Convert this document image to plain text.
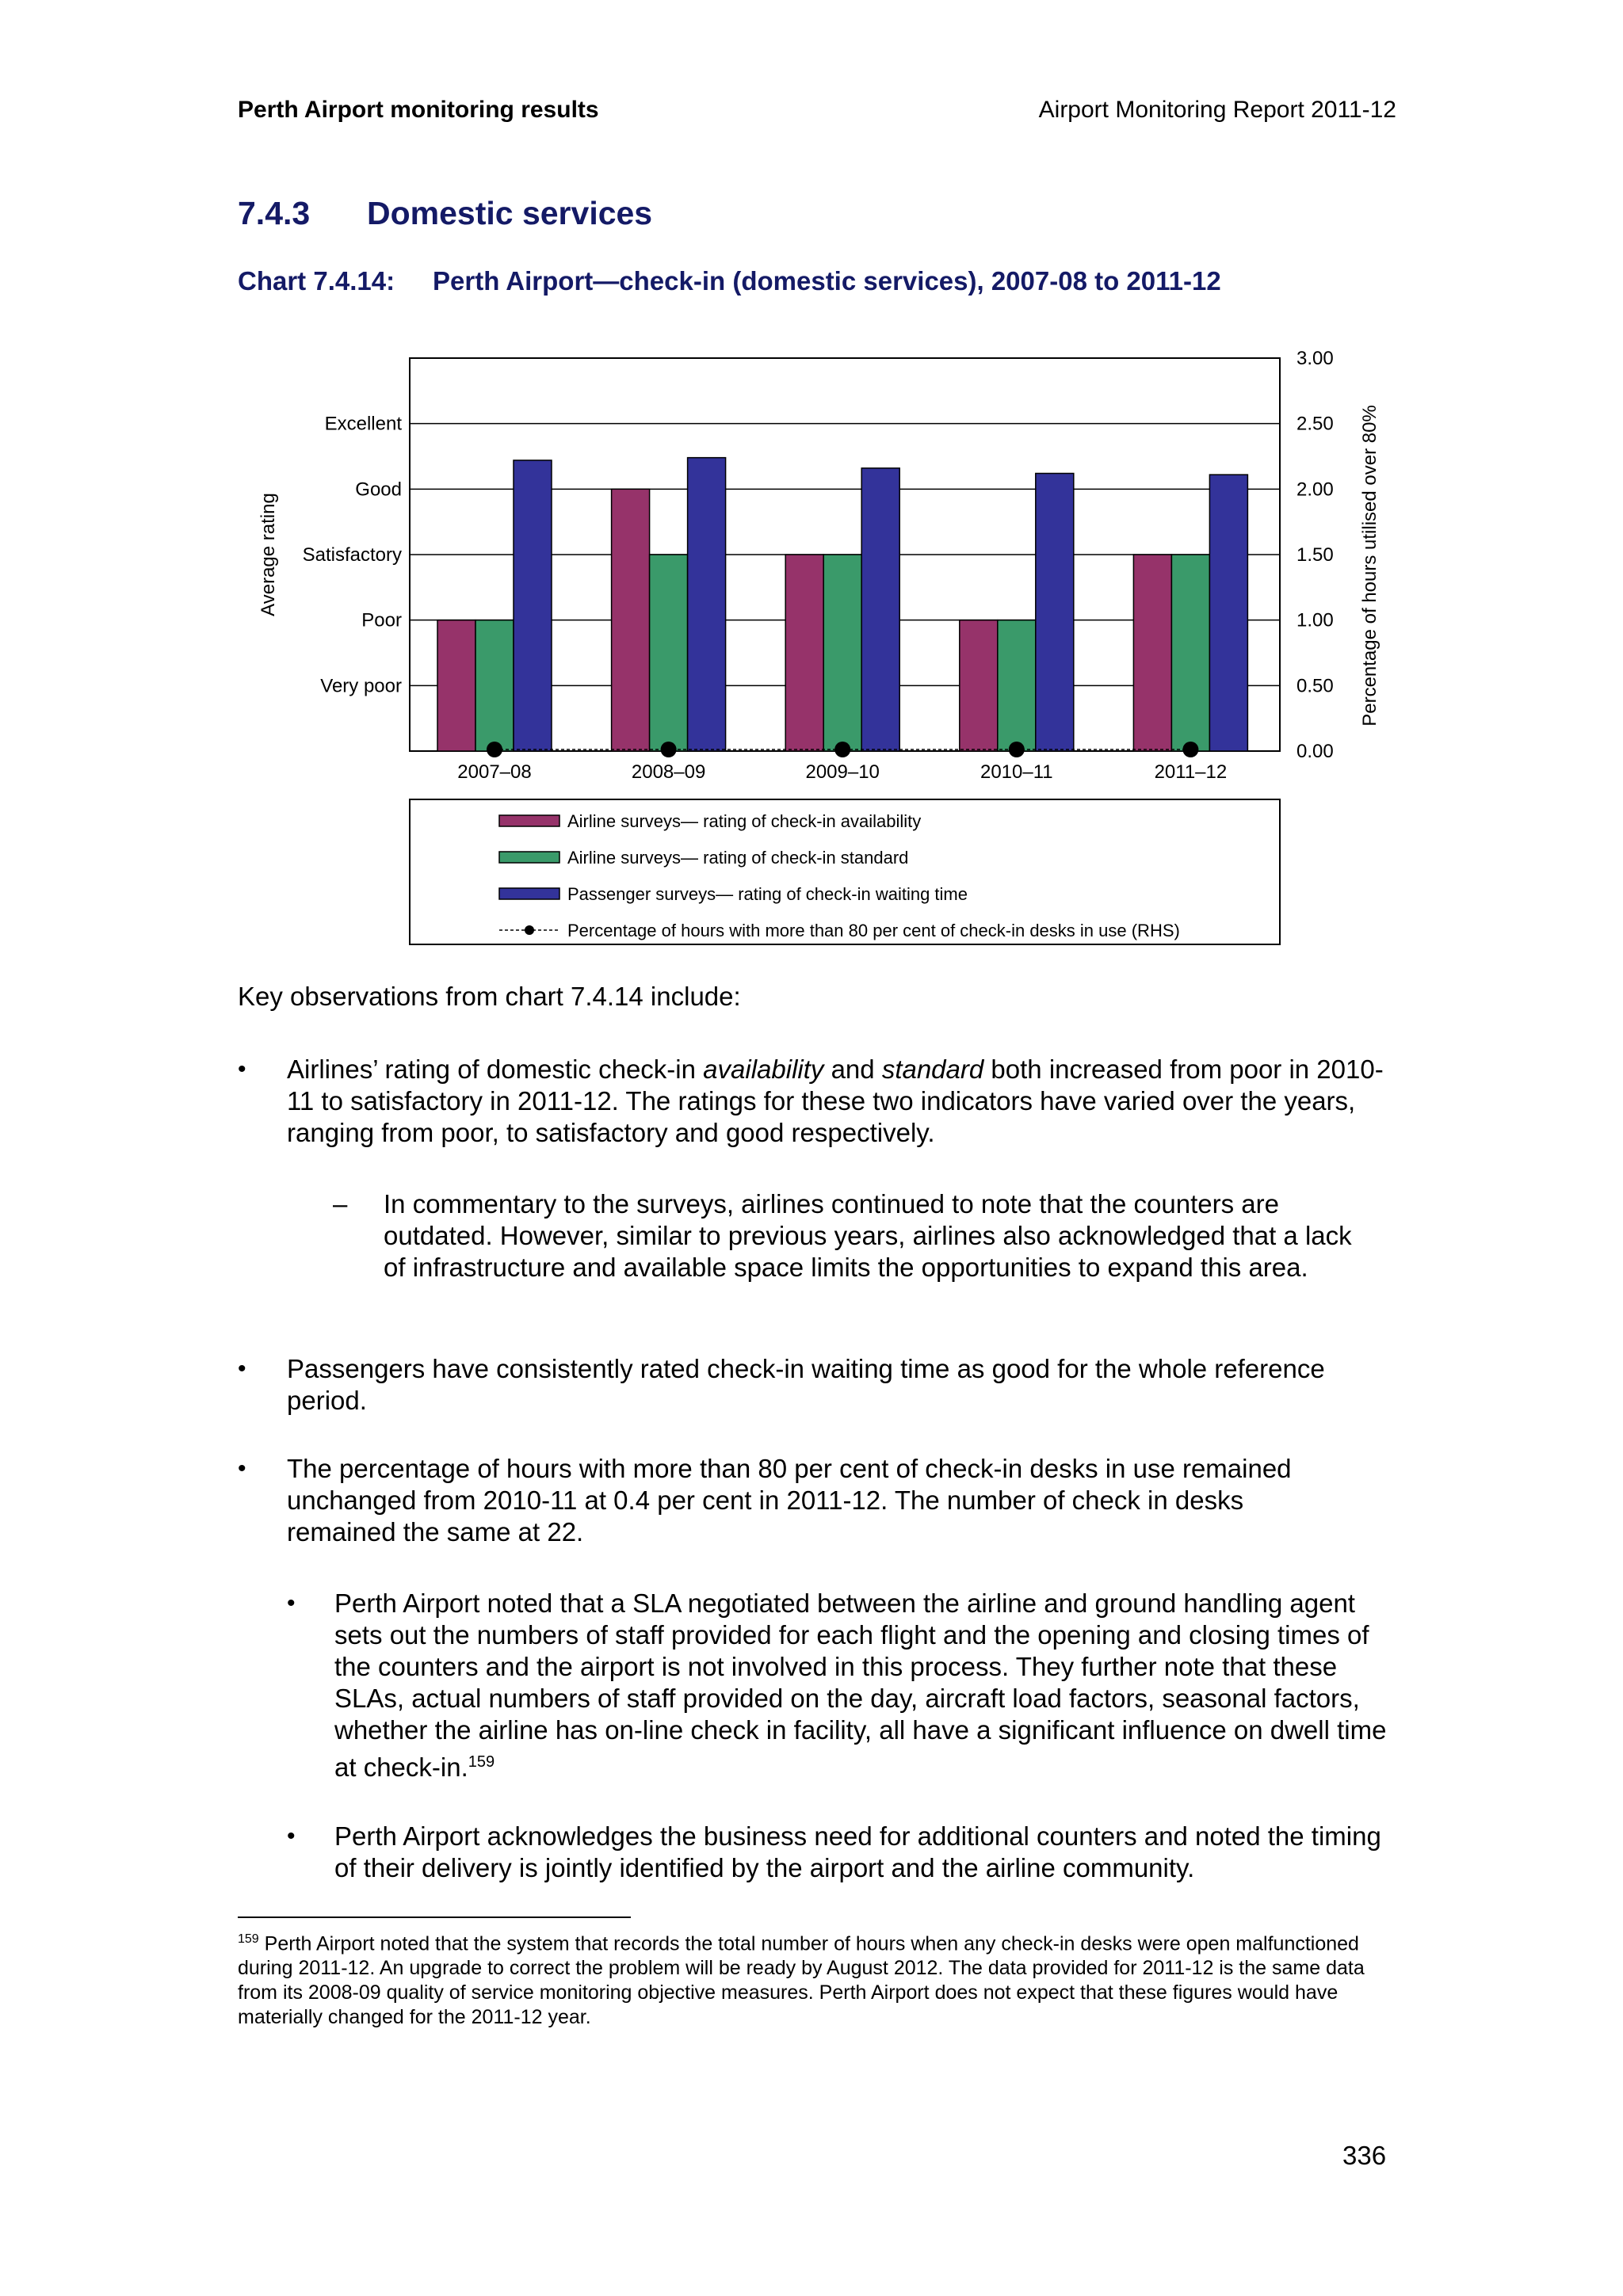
Perth Airport monitoring results	Airport Monitoring Report 2011-12
7.4.3 Domestic services
Chart 7.4.14: Perth Airport—check-in (domestic services), 2007-08 to 2011-12
Very poor
Poor
Satisfactory
Good
Excellent
0.00
0.50
1.00
1.50
2.00
2.50
3.00
2007–08	2008–09	2009–10	2010–11	2011–12
Average rating	Percentage of hours utilised over 80%
Airline surveys— rating of check-in availability
Airline surveys— rating of check-in standard
Passenger surveys— rating of check-in waiting time
Percentage of hours with more than 80 per cent of check-in desks in use (RHS)
Key observations from chart 7.4.14 include:
• Airlines’ rating of domestic check-in availability and standard both increased from poor in 2010-11 to satisfactory in 2011-12. The ratings for these two indicators have varied over the years, ranging from poor, to satisfactory and good respectively.
– In commentary to the surveys, airlines continued to note that the counters are outdated. However, similar to previous years, airlines also acknowledged that a lack of infrastructure and available space limits the opportunities to expand this area.
• Passengers have consistently rated check-in waiting time as good for the whole reference period.
• The percentage of hours with more than 80 per cent of check-in desks in use remained unchanged from 2010-11 at 0.4 per cent in 2011-12. The number of check in desks remained the same at 22.
• Perth Airport noted that a SLA negotiated between the airline and ground handling agent sets out the numbers of staff provided for each flight and the opening and closing times of the counters and the airport is not involved in this process. They further note that these SLAs, actual numbers of staff provided on the day, aircraft load factors, seasonal factors, whether the airline has on-line check in facility, all have a significant influence on dwell time at check-in.$^{159}$
• Perth Airport acknowledges the business need for additional counters and noted the timing of their delivery is jointly identified by the airport and the airline community.
$^{159}$ Perth Airport noted that the system that records the total number of hours when any check-in desks were open malfunctioned during 2011-12. An upgrade to correct the problem will be ready by August 2012. The data provided for 2011-12 is the same data from its 2008-09 quality of service monitoring objective measures. Perth Airport does not expect that these figures would have materially changed for the 2011-12 year.
336
